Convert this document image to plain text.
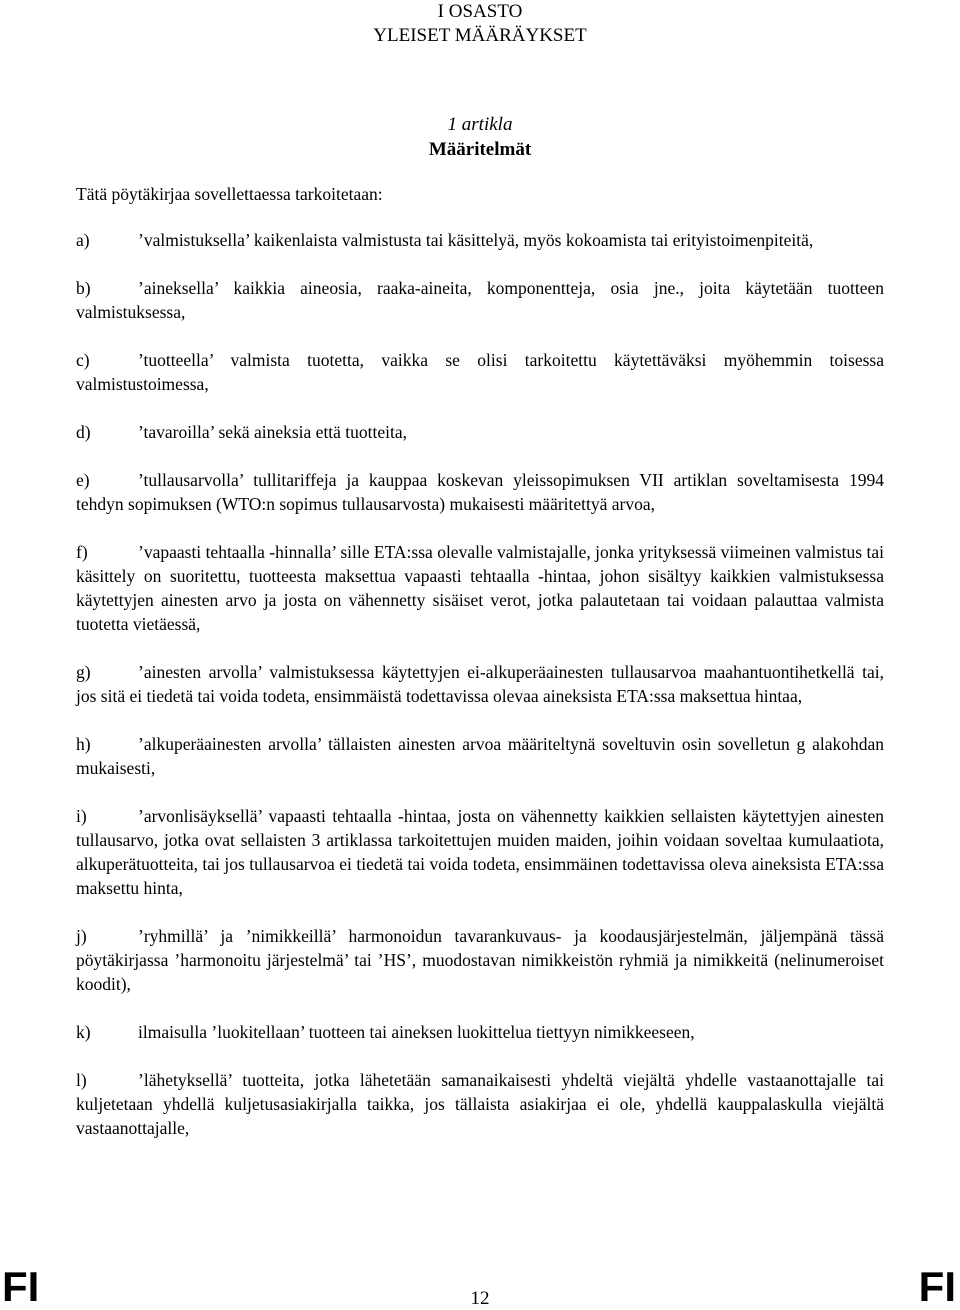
I OSASTO
YLEISET MÄÄRÄYKSET
1 artikla
Määritelmät

Tätä pöytäkirjaa sovellettaessa tarkoitetaan:

a)	’valmistuksella’ kaikenlaista valmistusta tai käsittelyä, myös kokoamista tai erityistoimenpiteitä,

b)	’aineksella’ kaikkia aineosia, raaka-aineita, komponentteja, osia jne., joita käytetään tuotteen valmistuksessa,

c)	’tuotteella’ valmista tuotetta, vaikka se olisi tarkoitettu käytettäväksi myöhemmin toisessa valmistustoimessa,

d)	’tavaroilla’ sekä aineksia että tuotteita,

e)	’tullausarvolla’ tullitariffeja ja kauppaa koskevan yleissopimuksen VII artiklan soveltamisesta 1994 tehdyn sopimuksen (WTO:n sopimus tullausarvosta) mukaisesti määritettyä arvoa,

f)	’vapaasti tehtaalla -hinnalla’ sille ETA:ssa olevalle valmistajalle, jonka yrityksessä viimeinen valmistus tai käsittely on suoritettu, tuotteesta maksettua vapaasti tehtaalla -hintaa, johon sisältyy kaikkien valmistuksessa käytettyjen ainesten arvo ja josta on vähennetty sisäiset verot, jotka palautetaan tai voidaan palauttaa valmista tuotetta vietäessä,

g)	’ainesten arvolla’ valmistuksessa käytettyjen ei-alkuperäainesten tullausarvoa maahantuontihetkellä tai, jos sitä ei tiedetä tai voida todeta, ensimmäistä todettavissa olevaa aineksista ETA:ssa maksettua hintaa,

h)	’alkuperäainesten arvolla’ tällaisten ainesten arvoa määriteltynä soveltuvin osin sovelletun g alakohdan mukaisesti,

i)	’arvonlisäyksellä’ vapaasti tehtaalla -hintaa, josta on vähennetty kaikkien sellaisten käytettyjen ainesten tullausarvo, jotka ovat sellaisten 3 artiklassa tarkoitettujen muiden maiden, joihin voidaan soveltaa kumulaatiota, alkuperätuotteita, tai jos tullausarvoa ei tiedetä tai voida todeta, ensimmäinen todettavissa oleva aineksista ETA:ssa maksettu hinta,

j)	’ryhmillä’ ja ’nimikkeillä’ harmonoidun tavarankuvaus- ja koodausjärjestelmän, jäljempänä tässä pöytäkirjassa ’harmonoitu järjestelmä’ tai ’HS’, muodostavan nimikkeistön ryhmiä ja nimikkeitä (nelinumeroiset koodit),

k)	ilmaisulla ’luokitellaan’ tuotteen tai aineksen luokittelua tiettyyn nimikkeeseen,

l)	’lähetyksellä’ tuotteita, jotka lähetetään samanaikaisesti yhdeltä viejältä yhdelle vastaanottajalle tai kuljetetaan yhdellä kuljetusasiakirjalla taikka, jos tällaista asiakirjaa ei ole, yhdellä kauppalaskulla viejältä vastaanottajalle,

FI	12	FI
